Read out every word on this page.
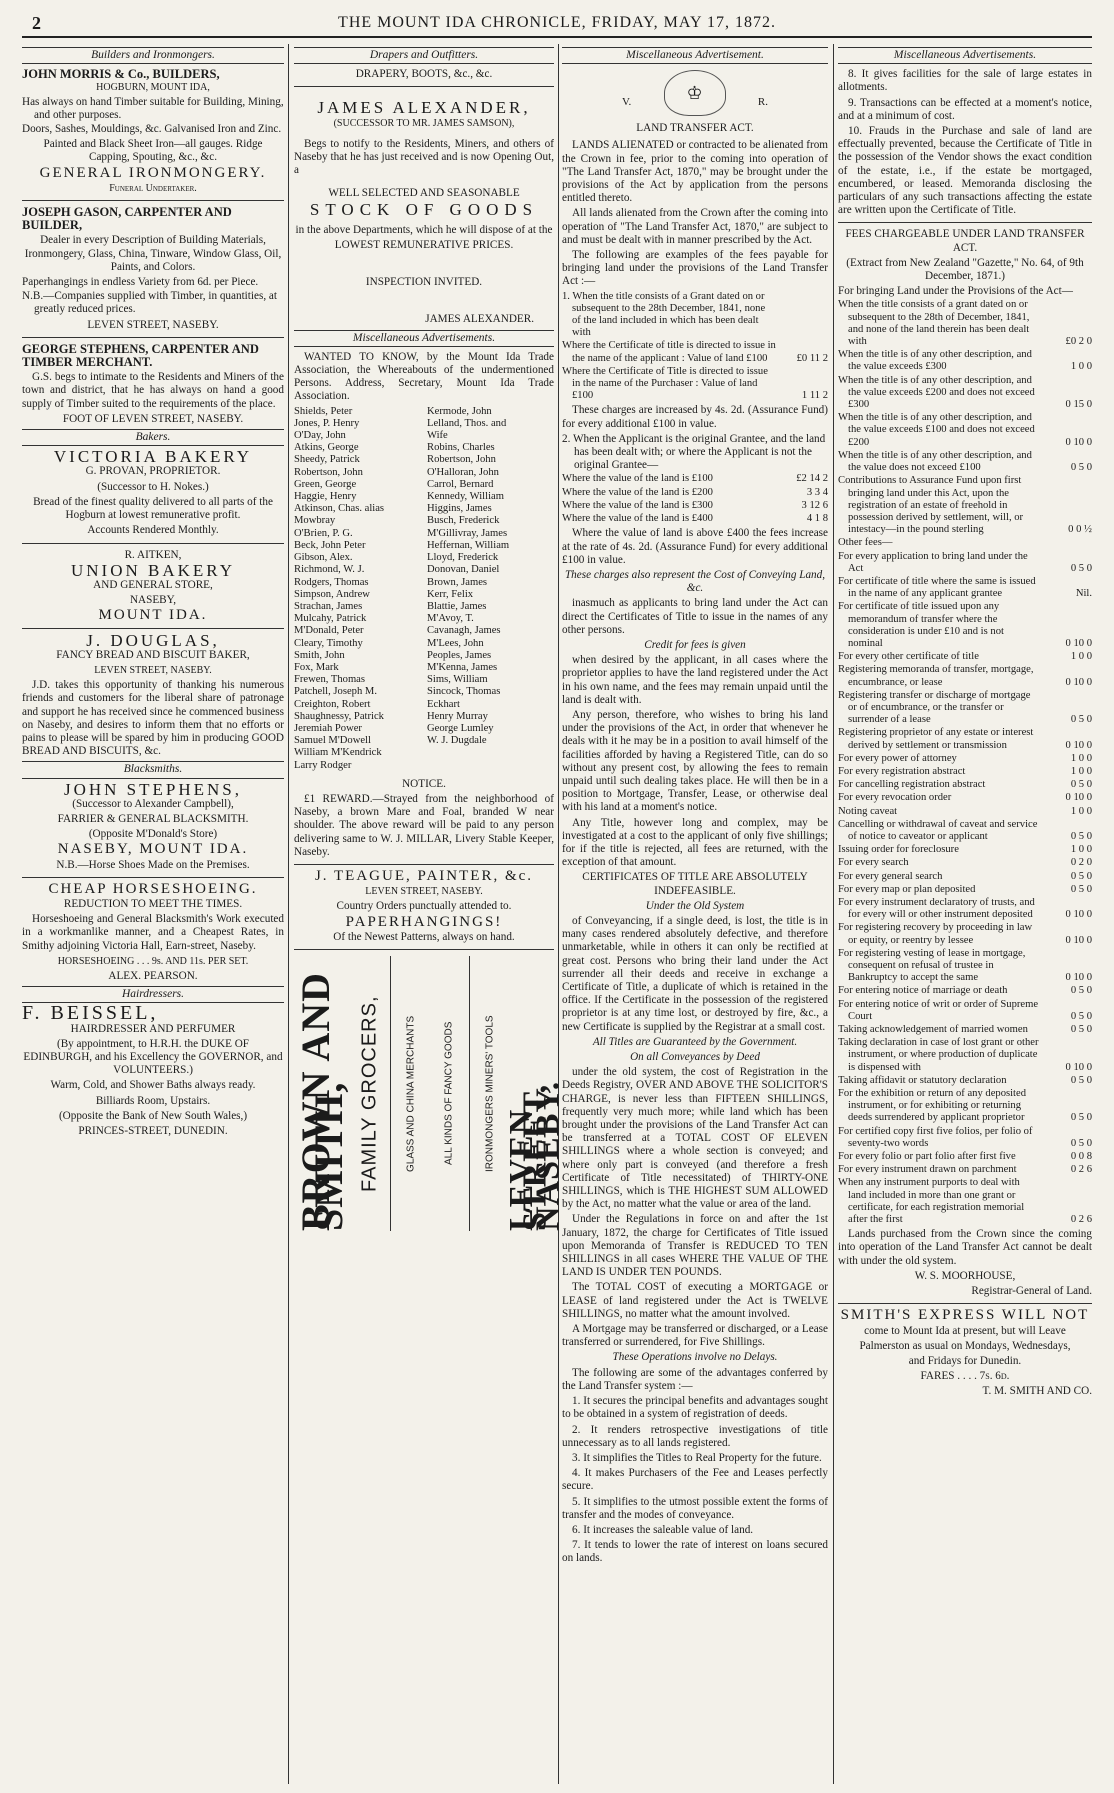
2	THE MOUNT IDA CHRONICLE, FRIDAY, MAY 17, 1872.
Builders and Ironmongers.
JOHN MORRIS & Co., BUILDERS,
HOGBURN, MOUNT IDA,

Has always on hand Timber suitable for Building, Mining, and other purposes.

Doors, Sashes, Mouldings, &c. Galvanised Iron and Zinc.

Painted and Black Sheet Iron—all gauges. Ridge Capping, Spouting, &c., &c.

GENERAL IRONMONGERY.

Funeral Undertaker.

JOSEPH GASON, CARPENTER AND BUILDER,

Dealer in every Description of Building Materials, Ironmongery, Glass, China, Tinware, Window Glass, Oil, Paints, and Colors.

Paperhangings in endless Variety from 6d. per Piece.

N.B.—Companies supplied with Timber, in quantities, at greatly reduced prices.

LEVEN STREET, NASEBY.

GEORGE STEPHENS, CARPENTER AND TIMBER MERCHANT.

G.S. begs to intimate to the Residents and Miners of the town and district, that he has always on hand a good supply of Timber suited to the requirements of the place.

FOOT OF LEVEN STREET, NASEBY.

Bakers.
VICTORIA BAKERY

G. PROVAN, PROPRIETOR.

(Successor to H. Nokes.)

Bread of the finest quality delivered to all parts of the Hogburn at lowest remunerative profit.

Accounts Rendered Monthly.

R. AITKEN,

UNION BAKERY

AND GENERAL STORE,

NASEBY,

MOUNT IDA.

J. DOUGLAS,

FANCY BREAD AND BISCUIT BAKER,

LEVEN STREET, NASEBY.

J.D. takes this opportunity of thanking his numerous friends and customers for the liberal share of patronage and support he has received since he commenced business on Naseby, and desires to inform them that no efforts or pains to please will be spared by him in producing GOOD BREAD AND BISCUITS, &c.

Blacksmiths.
JOHN STEPHENS,

(Successor to Alexander Campbell),

FARRIER & GENERAL BLACKSMITH.

(Opposite M'Donald's Store)

NASEBY, MOUNT IDA.

N.B.—Horse Shoes Made on the Premises.

CHEAP HORSESHOEING.

REDUCTION TO MEET THE TIMES.

Horseshoeing and General Blacksmith's Work executed in a workmanlike manner, and a Cheapest Rates, in Smithy adjoining Victoria Hall, Earn-street, Naseby.

HORSESHOEING . . . 9s. AND 11s. PER SET.

ALEX. PEARSON.

Hairdressers.
F. BEISSEL,

HAIRDRESSER AND PERFUMER

(By appointment, to H.R.H. the DUKE OF EDINBURGH, and his Excellency the GOVERNOR, and VOLUNTEERS.)

Warm, Cold, and Shower Baths always ready.

Billiards Room, Upstairs.

(Opposite the Bank of New South Wales,)

PRINCES-STREET, DUNEDIN.

Drapers and Outfitters.
DRAPERY, BOOTS, &c., &c.
JAMES ALEXANDER,

(SUCCESSOR TO MR. JAMES SAMSON),

Begs to notify to the Residents, Miners, and others of Naseby that he has just received and is now Opening Out, a

WELL SELECTED AND SEASONABLE

STOCK OF GOODS

in the above Departments, which he will dispose of at the

LOWEST REMUNERATIVE PRICES.

INSPECTION INVITED.

JAMES ALEXANDER.

Miscellaneous Advertisements.

WANTED TO KNOW, by the Mount Ida Trade Association, the Whereabouts of the undermentioned Persons. Address, Secretary, Mount Ida Trade Association.

Shields, Peter
Jones, P. Henry
O'Day, John
Atkins, George
Sheedy, Patrick
Robertson, John
Green, George
Haggie, Henry
Atkinson, Chas. alias
Mowbray
O'Brien, P. G.
Beck, John Peter
Gibson, Alex.
Richmond, W. J.
Rodgers, Thomas
Simpson, Andrew
Strachan, James
Mulcahy, Patrick
M'Donald, Peter
Cleary, Timothy
Smith, John
Fox, Mark
Frewen, Thomas
Patchell, Joseph M.
Creighton, Robert
Shaughnessy, Patrick
Jeremiah Power
Samuel M'Dowell
William M'Kendrick
Larry Rodger
Kermode, John
Lelland, Thos. and
Wife
Robins, Charles
Robertson, John
O'Halloran, John
Carrol, Bernard
Kennedy, William
Higgins, James
Busch, Frederick
M'Gillivray, James
Heffernan, William
Lloyd, Frederick
Donovan, Daniel
Brown, James
Kerr, Felix
Blattie, James
M'Avoy, T.
Cavanagh, James
M'Lees, John
Peoples, James
M'Kenna, James
Sims, William
Sincock, Thomas
Eckhart
Henry Murray
George Lumley
W. J. Dugdale
NOTICE.

£1 REWARD.—Strayed from the neighborhood of Naseby, a brown Mare and Foal, branded W near shoulder. The above reward will be paid to any person delivering same to W. J. MILLAR, Livery Stable Keeper, Naseby.

J. TEAGUE, PAINTER, &c.

LEVEN STREET, NASEBY.

Country Orders punctually attended to.

PAPERHANGINGS!

Of the Newest Patterns, always on hand.

BROWN AND SMITH, FAMILY GROCERS,	GLASS AND CHINA MERCHANTS	ALL KINDS OF FANCY GOODS	IRONMONGERS MINERS' TOOLS LEVEN STREET, NASEBY.
Miscellaneous Advertisement.
V.	♔	R.
LAND TRANSFER ACT.

LANDS ALIENATED or contracted to be alienated from the Crown in fee, prior to the coming into operation of "The Land Transfer Act, 1870," may be brought under the provisions of the Act by application from the persons entitled thereto.

All lands alienated from the Crown after the coming into operation of "The Land Transfer Act, 1870," are subject to and must be dealt with in manner prescribed by the Act.

The following are examples of the fees payable for bringing land under the provisions of the Land Transfer Act :—

1. When the title consists of a Grant dated on or subsequent to the 28th December, 1841, none of the land included in which has been dealt with
Where the Certificate of title is directed to issue in the name of the applicant : Value of land £100	£0 11 2
Where the Certificate of Title is directed to issue in the name of the Purchaser : Value of land £100	1 11 2

These charges are increased by 4s. 2d. (Assurance Fund) for every additional £100 in value.

2. When the Applicant is the original Grantee, and the land has been dealt with; or where the Applicant is not the original Grantee—

Where the value of the land is £100	£2 14 2
Where the value of the land is £200	3 3 4
Where the value of the land is £300	3 12 6
Where the value of the land is £400	4 1 8

Where the value of land is above £400 the fees increase at the rate of 4s. 2d. (Assurance Fund) for every additional £100 in value.

These charges also represent the Cost of Conveying Land, &c.

inasmuch as applicants to bring land under the Act can direct the Certificates of Title to issue in the names of any other persons.

Credit for fees is given

when desired by the applicant, in all cases where the proprietor applies to have the land registered under the Act in his own name, and the fees may remain unpaid until the land is dealt with.

Any person, therefore, who wishes to bring his land under the provisions of the Act, in order that whenever he deals with it he may be in a position to avail himself of the facilities afforded by having a Registered Title, can do so without any present cost, by allowing the fees to remain unpaid until such dealing takes place. He will then be in a position to Mortgage, Transfer, Lease, or otherwise deal with his land at a moment's notice.

Any Title, however long and complex, may be investigated at a cost to the applicant of only five shillings; for if the title is rejected, all fees are returned, with the exception of that amount.

CERTIFICATES OF TITLE ARE ABSOLUTELY INDEFEASIBLE.

Under the Old System

of Conveyancing, if a single deed, is lost, the title is in many cases rendered absolutely defective, and therefore unmarketable, while in others it can only be rectified at great cost. Persons who bring their land under the Act surrender all their deeds and receive in exchange a Certificate of Title, a duplicate of which is retained in the office. If the Certificate in the possession of the registered proprietor is at any time lost, or destroyed by fire, &c., a new Certificate is supplied by the Registrar at a small cost.

All Titles are Guaranteed by the Government.

On all Conveyances by Deed

under the old system, the cost of Registration in the Deeds Registry, OVER AND ABOVE THE SOLICITOR'S CHARGE, is never less than FIFTEEN SHILLINGS, frequently very much more; while land which has been brought under the provisions of the Land Transfer Act can be transferred at a TOTAL COST OF ELEVEN SHILLINGS where a whole section is conveyed; and where only part is conveyed (and therefore a fresh Certificate of Title necessitated) of THIRTY-ONE SHILLINGS, which is THE HIGHEST SUM ALLOWED by the Act, no matter what the value or area of the land.

Under the Regulations in force on and after the 1st January, 1872, the charge for Certificates of Title issued upon Memoranda of Transfer is REDUCED TO TEN SHILLINGS in all cases WHERE THE VALUE OF THE LAND IS UNDER TEN POUNDS.

The TOTAL COST of executing a MORTGAGE or LEASE of land registered under the Act is TWELVE SHILLINGS, no matter what the amount involved.

A Mortgage may be transferred or discharged, or a Lease transferred or surrendered, for Five Shillings.

These Operations involve no Delays.

The following are some of the advantages conferred by the Land Transfer system :—

1. It secures the principal benefits and advantages sought to be obtained in a system of registration of deeds.
2. It renders retrospective investigations of title unnecessary as to all lands registered.
3. It simplifies the Titles to Real Property for the future.
4. It makes Purchasers of the Fee and Leases perfectly secure.
5. It simplifies to the utmost possible extent the forms of transfer and the modes of conveyance.
6. It increases the saleable value of land.
7. It tends to lower the rate of interest on loans secured on lands.
Miscellaneous Advertisements.
8. It gives facilities for the sale of large estates in allotments.
9. Transactions can be effected at a moment's notice, and at a minimum of cost.
10. Frauds in the Purchase and sale of land are effectually prevented, because the Certificate of Title in the possession of the Vendor shows the exact condition of the estate, i.e., if the estate be mortgaged, encumbered, or leased. Memoranda disclosing the particulars of any such transactions affecting the estate are written upon the Certificate of Title.
FEES CHARGEABLE UNDER LAND TRANSFER ACT.

(Extract from New Zealand "Gazette," No. 64, of 9th December, 1871.)

For bringing Land under the Provisions of the Act—

When the title consists of a grant dated on or subsequent to the 28th of December, 1841, and none of the land therein has been dealt with	£0 2 0
When the title is of any other description, and the value exceeds £300	1 0 0
When the title is of any other description, and the value exceeds £200 and does not exceed £300	0 15 0
When the title is of any other description, and the value exceeds £100 and does not exceed £200	0 10 0
When the title is of any other description, and the value does not exceed £100	0 5 0
Contributions to Assurance Fund upon first bringing land under this Act, upon the registration of an estate of freehold in possession derived by settlement, will, or intestacy—in the pound sterling	0 0 ½
Other fees—
For every application to bring land under the Act	0 5 0
For certificate of title where the same is issued in the name of any applicant grantee	Nil.
For certificate of title issued upon any memorandum of transfer where the consideration is under £10 and is not nominal	0 10 0
For every other certificate of title	1 0 0
Registering memoranda of transfer, mortgage, encumbrance, or lease	0 10 0
Registering transfer or discharge of mortgage or of encumbrance, or the transfer or surrender of a lease	0 5 0
Registering proprietor of any estate or interest derived by settlement or transmission	0 10 0
For every power of attorney	1 0 0
For every registration abstract	1 0 0
For cancelling registration abstract	0 5 0
For every revocation order	0 10 0
Noting caveat	1 0 0
Cancelling or withdrawal of caveat and service of notice to caveator or applicant	0 5 0
Issuing order for foreclosure	1 0 0
For every search	0 2 0
For every general search	0 5 0
For every map or plan deposited	0 5 0
For every instrument declaratory of trusts, and for every will or other instrument deposited	0 10 0
For registering recovery by proceeding in law or equity, or reentry by lessee	0 10 0
For registering vesting of lease in mortgage, consequent on refusal of trustee in Bankruptcy to accept the same	0 10 0
For entering notice of marriage or death	0 5 0
For entering notice of writ or order of Supreme Court	0 5 0
Taking acknowledgement of married women	0 5 0
Taking declaration in case of lost grant or other instrument, or where production of duplicate is dispensed with	0 10 0
Taking affidavit or statutory declaration	0 5 0
For the exhibition or return of any deposited instrument, or for exhibiting or returning deeds surrendered by applicant proprietor	0 5 0
For certified copy first five folios, per folio of seventy-two words	0 5 0
For every folio or part folio after first five	0 0 8
For every instrument drawn on parchment	0 2 6
When any instrument purports to deal with land included in more than one grant or certificate, for each registration memorial after the first	0 2 6

Lands purchased from the Crown since the coming into operation of the Land Transfer Act cannot be dealt with under the old system.

W. S. MOORHOUSE,

Registrar-General of Land.

SMITH'S EXPRESS WILL NOT

come to Mount Ida at present, but will Leave

Palmerston as usual on Mondays, Wednesdays,

and Fridays for Dunedin.

FARES . . . . 7s. 6d.

T. M. SMITH AND CO.
